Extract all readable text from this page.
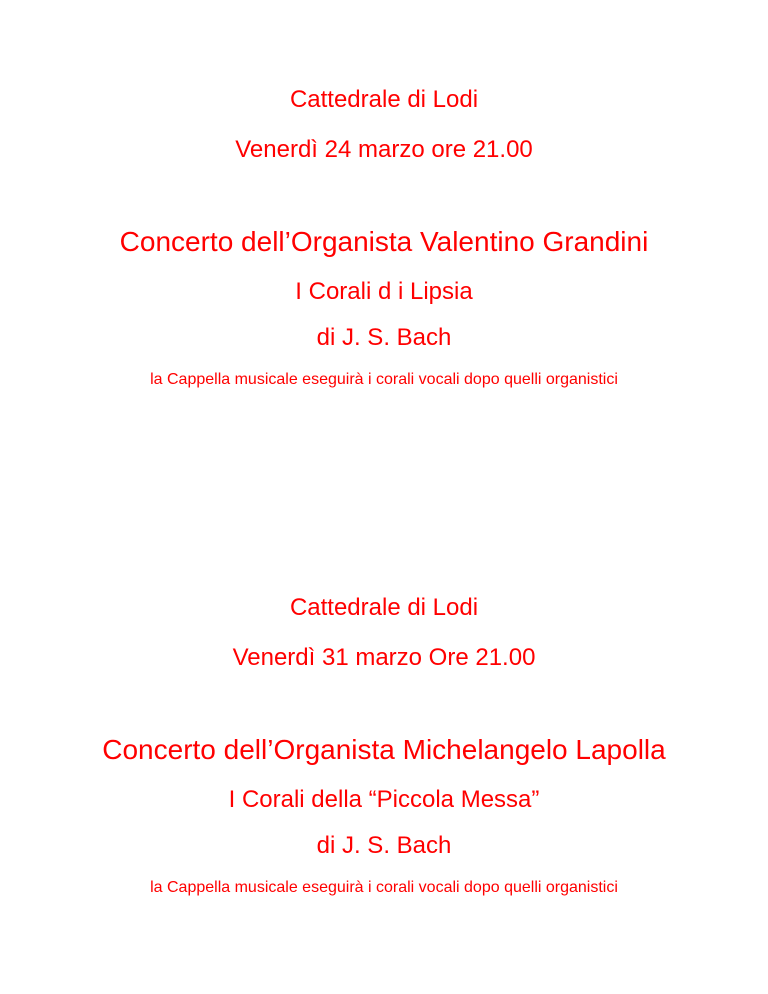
Cattedrale di Lodi
Venerdì 24 marzo ore 21.00
Concerto dell’Organista Valentino Grandini
I Corali d i Lipsia
di J. S. Bach
la Cappella musicale eseguirà i corali vocali dopo quelli organistici
Cattedrale di Lodi
Venerdì 31 marzo Ore 21.00
Concerto dell’Organista Michelangelo Lapolla
I Corali della “Piccola Messa”
di J. S. Bach
la Cappella musicale eseguirà i corali vocali dopo quelli organistici
